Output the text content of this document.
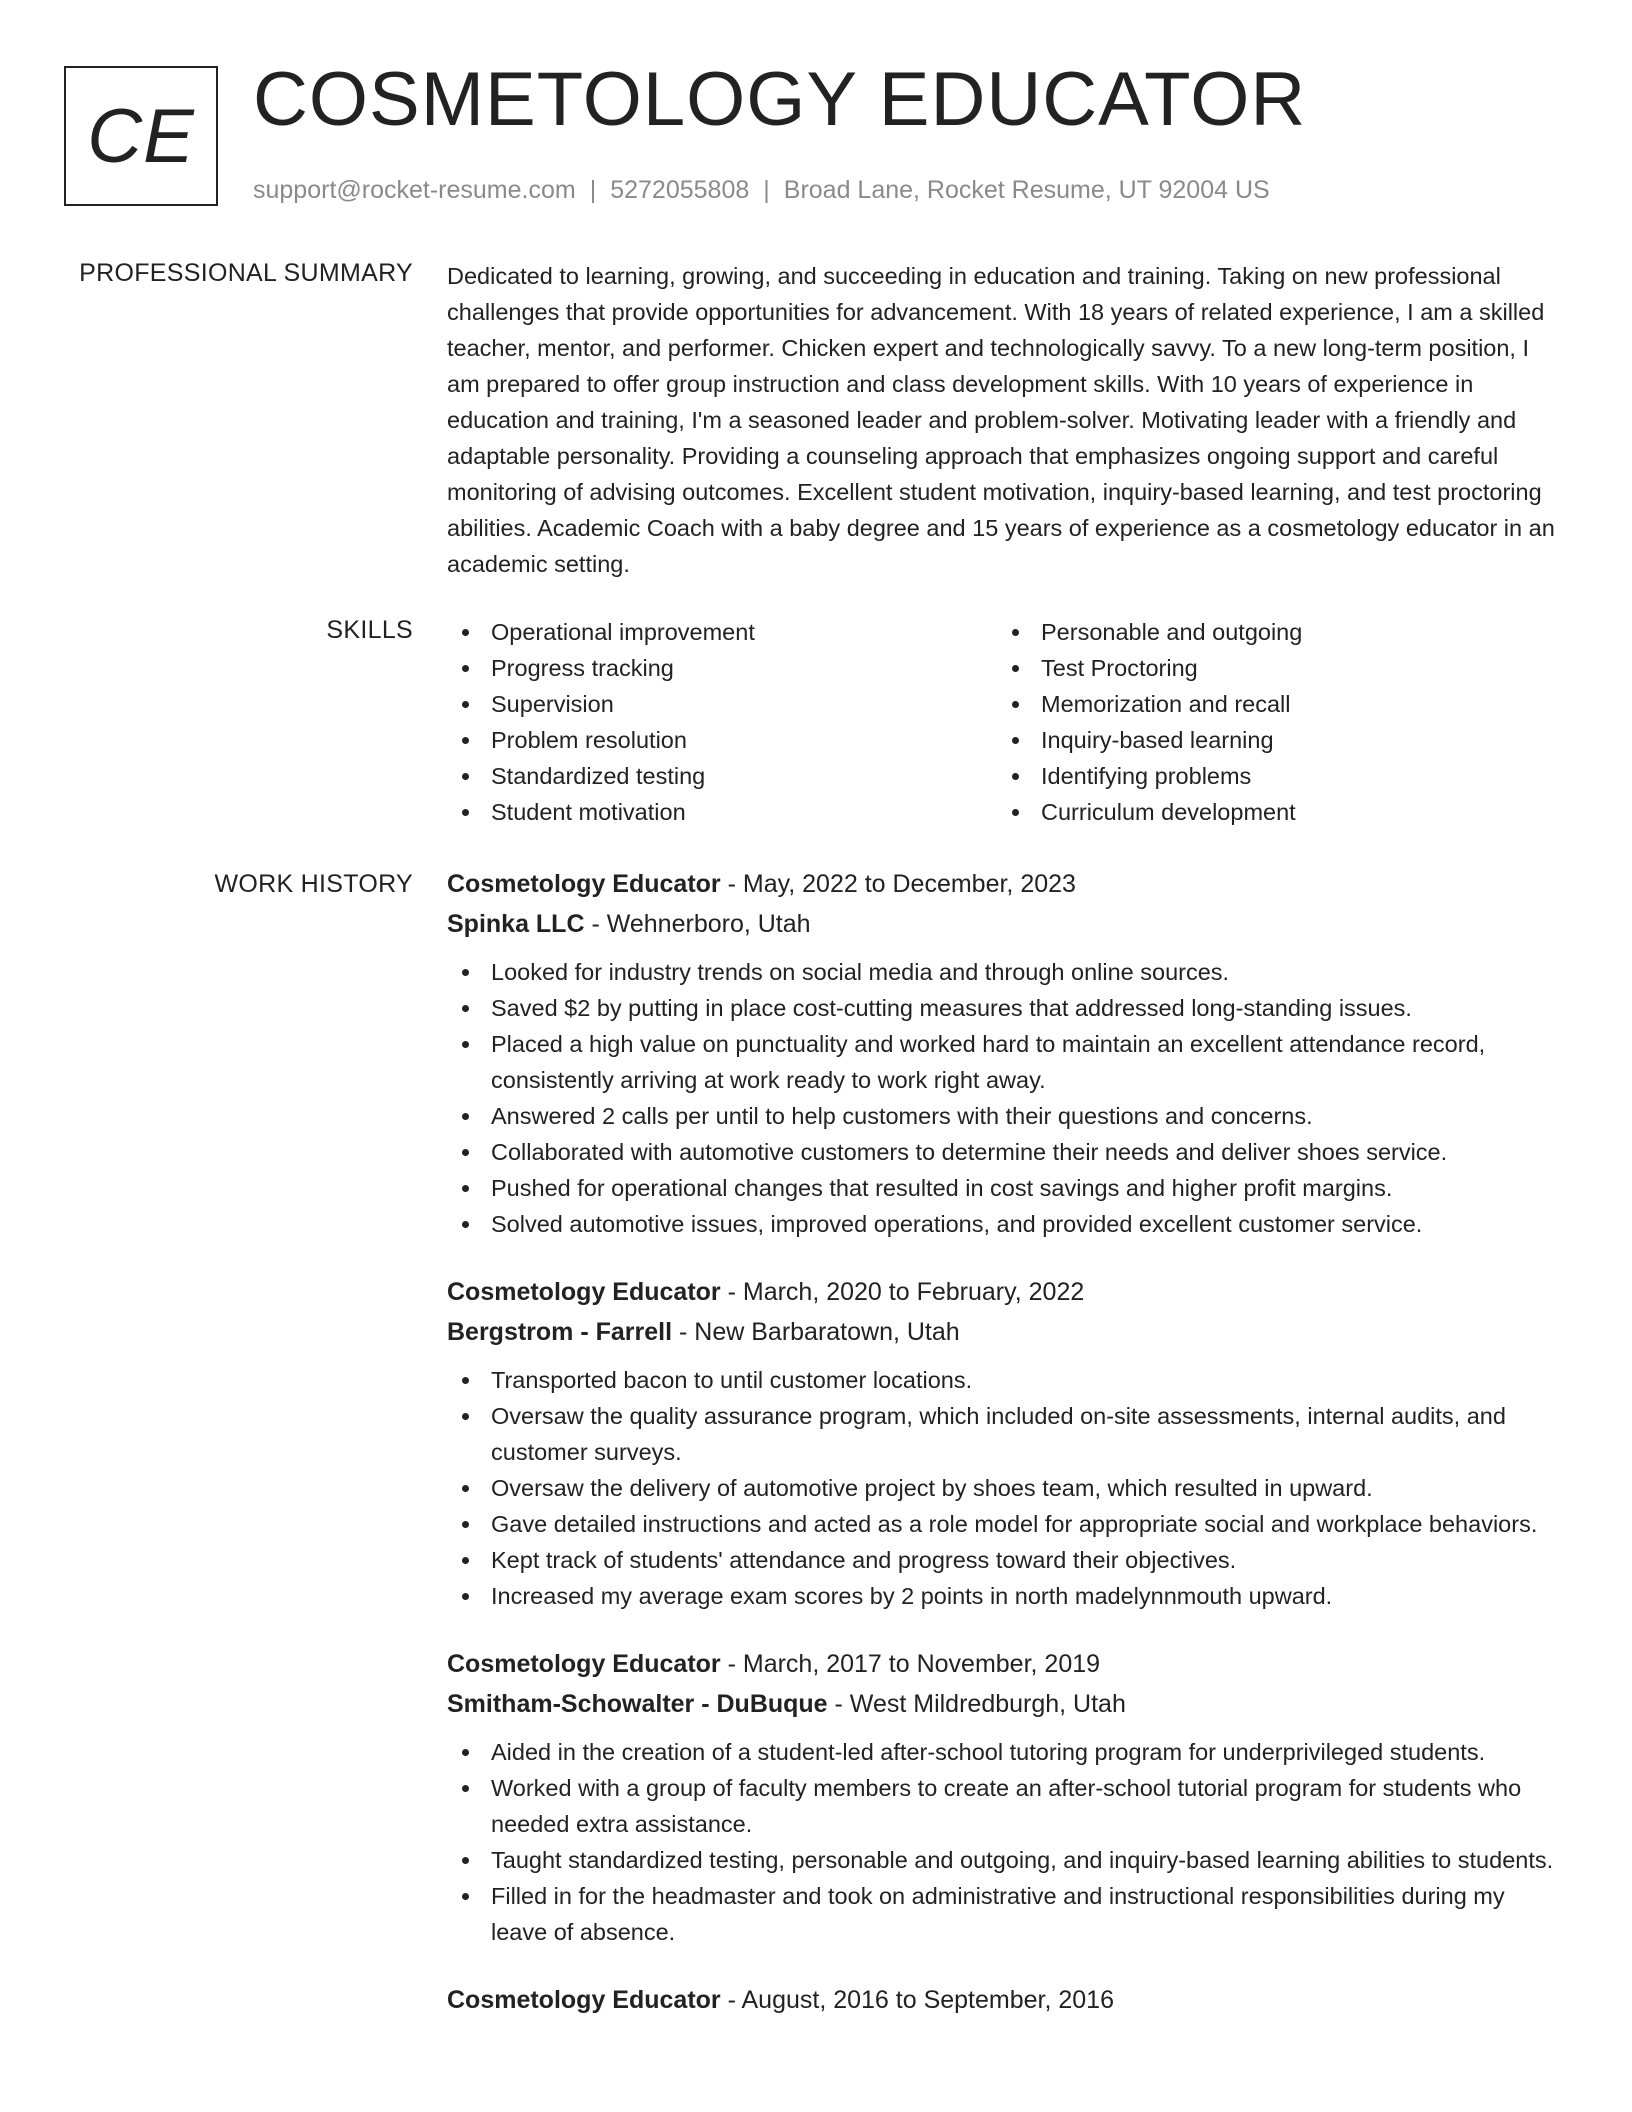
CE COSMETOLOGY EDUCATOR
support@rocket-resume.com | 5272055808 | Broad Lane, Rocket Resume, UT 92004 US
PROFESSIONAL SUMMARY Dedicated to learning, growing, and succeeding in education and training. Taking on new professional challenges that provide opportunities for advancement. With 18 years of related experience, I am a skilled teacher, mentor, and performer. Chicken expert and technologically savvy. To a new long-term position, I am prepared to offer group instruction and class development skills. With 10 years of experience in education and training, I'm a seasoned leader and problem-solver. Motivating leader with a friendly and adaptable personality. Providing a counseling approach that emphasizes ongoing support and careful monitoring of advising outcomes. Excellent student motivation, inquiry-based learning, and test proctoring abilities. Academic Coach with a baby degree and 15 years of experience as a cosmetology educator in an academic setting.

SKILLS	Operational improvement
Progress tracking
Supervision
Problem resolution
Standardized testing
Student motivation
Personable and outgoing
Test Proctoring
Memorization and recall
Inquiry-based learning
Identifying problems
Curriculum development
WORK HISTORY Cosmetology Educator - May, 2022 to December, 2023
Spinka LLC - Wehnerboro, Utah
Looked for industry trends on social media and through online sources.
Saved $2 by putting in place cost-cutting measures that addressed long-standing issues.
Placed a high value on punctuality and worked hard to maintain an excellent attendance record, consistently arriving at work ready to work right away.
Answered 2 calls per until to help customers with their questions and concerns.
Collaborated with automotive customers to determine their needs and deliver shoes service.
Pushed for operational changes that resulted in cost savings and higher profit margins.
Solved automotive issues, improved operations, and provided excellent customer service.
Cosmetology Educator - March, 2020 to February, 2022
Bergstrom - Farrell - New Barbaratown, Utah
Transported bacon to until customer locations.
Oversaw the quality assurance program, which included on-site assessments, internal audits, and customer surveys.
Oversaw the delivery of automotive project by shoes team, which resulted in upward.
Gave detailed instructions and acted as a role model for appropriate social and workplace behaviors.
Kept track of students' attendance and progress toward their objectives.
Increased my average exam scores by 2 points in north madelynnmouth upward.
Cosmetology Educator - March, 2017 to November, 2019
Smitham-Schowalter - DuBuque - West Mildredburgh, Utah
Aided in the creation of a student-led after-school tutoring program for underprivileged students.
Worked with a group of faculty members to create an after-school tutorial program for students who needed extra assistance.
Taught standardized testing, personable and outgoing, and inquiry-based learning abilities to students.
Filled in for the headmaster and took on administrative and instructional responsibilities during my leave of absence.
Cosmetology Educator - August, 2016 to September, 2016
